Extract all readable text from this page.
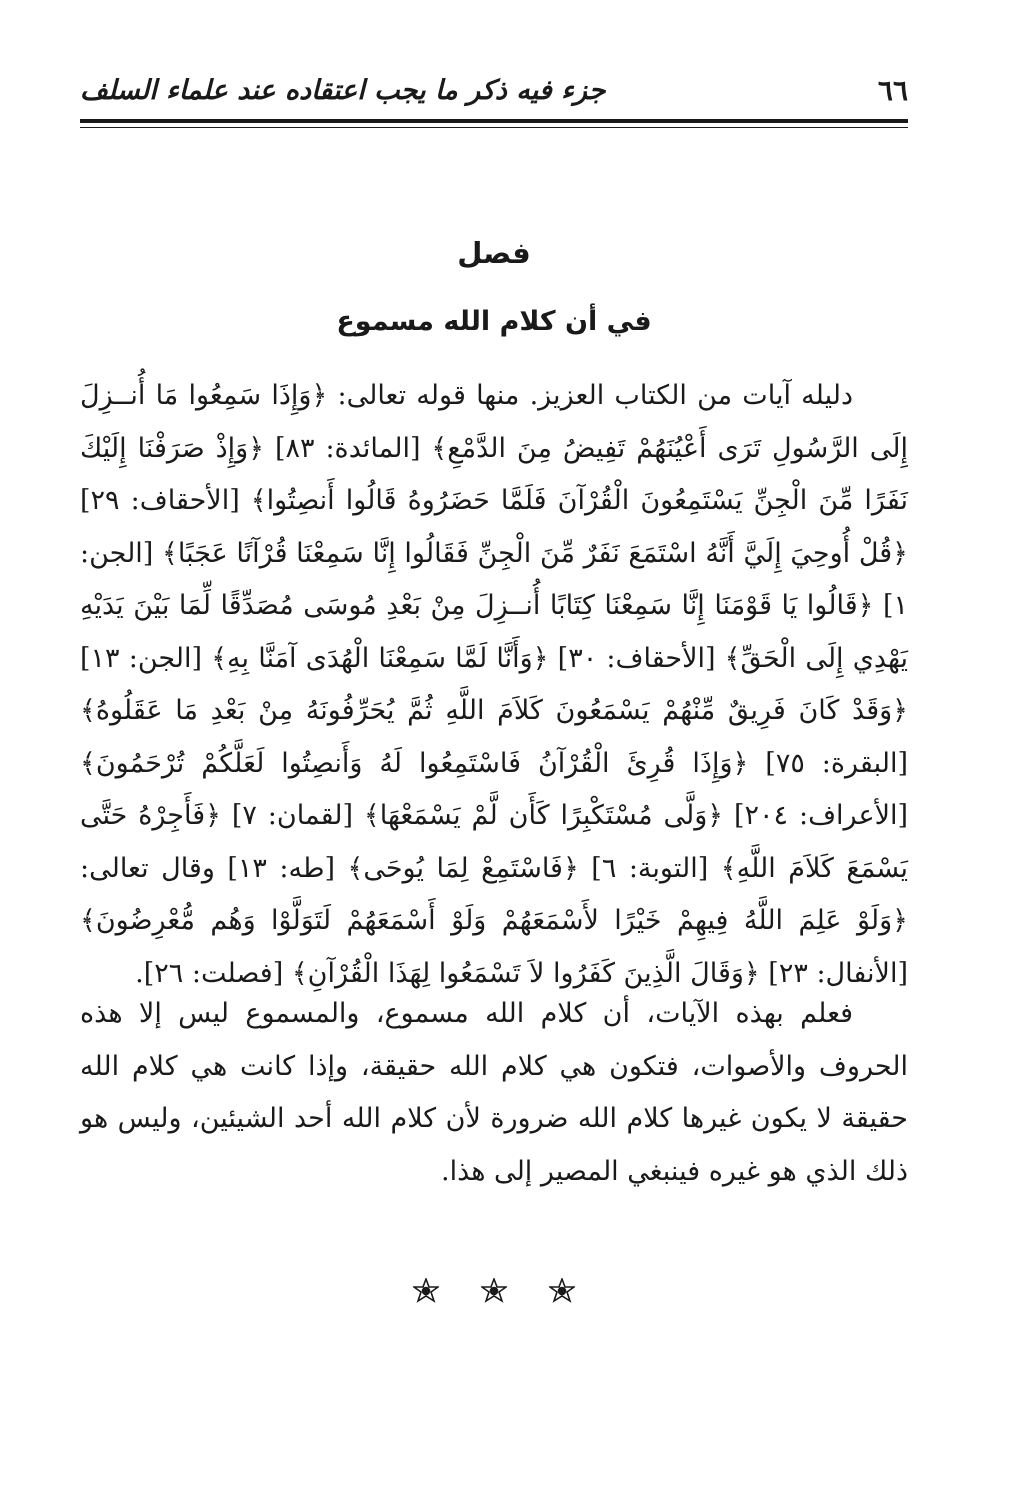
٦٦
جزء فيه ذكر ما يجب اعتقاده عند علماء السلف
فصل
في أن كلام الله مسموع

دليله آيات من الكتاب العزيز. منها قوله تعالى: ﴿وَإِذَا سَمِعُوا مَا أُنــزِلَ إِلَى الرَّسُولِ تَرَى أَعْيُنَهُمْ تَفِيضُ مِنَ الدَّمْعِ﴾ [المائدة: ٨٣] ﴿وَإِذْ صَرَفْنَا إِلَيْكَ نَفَرًا مِّنَ الْجِنِّ يَسْتَمِعُونَ الْقُرْآنَ فَلَمَّا حَضَرُوهُ قَالُوا أَنصِتُوا﴾ [الأحقاف: ٢٩] ﴿قُلْ أُوحِيَ إِلَيَّ أَنَّهُ اسْتَمَعَ نَفَرٌ مِّنَ الْجِنِّ فَقَالُوا إِنَّا سَمِعْنَا قُرْآنًا عَجَبًا﴾ [الجن: ١] ﴿قَالُوا يَا قَوْمَنَا إِنَّا سَمِعْنَا كِتَابًا أُنــزِلَ مِنْ بَعْدِ مُوسَى مُصَدِّقًا لِّمَا بَيْنَ يَدَيْهِ يَهْدِي إِلَى الْحَقِّ﴾ [الأحقاف: ٣٠] ﴿وَأَنَّا لَمَّا سَمِعْنَا الْهُدَى آمَنَّا بِهِ﴾ [الجن: ١٣] ﴿وَقَدْ كَانَ فَرِيقٌ مِّنْهُمْ يَسْمَعُونَ كَلاَمَ اللَّهِ ثُمَّ يُحَرِّفُونَهُ مِنْ بَعْدِ مَا عَقَلُوهُ﴾ [البقرة: ٧٥] ﴿وَإِذَا قُرِئَ الْقُرْآنُ فَاسْتَمِعُوا لَهُ وَأَنصِتُوا لَعَلَّكُمْ تُرْحَمُونَ﴾ [الأعراف: ٢٠٤] ﴿وَلَّى مُسْتَكْبِرًا كَأَن لَّمْ يَسْمَعْهَا﴾ [لقمان: ٧] ﴿فَأَجِرْهُ حَتَّى يَسْمَعَ كَلاَمَ اللَّهِ﴾ [التوبة: ٦] ﴿فَاسْتَمِعْ لِمَا يُوحَى﴾ [طه: ١٣] وقال تعالى: ﴿وَلَوْ عَلِمَ اللَّهُ فِيهِمْ خَيْرًا لأَسْمَعَهُمْ وَلَوْ أَسْمَعَهُمْ لَتَوَلَّوْا وَهُم مُّعْرِضُونَ﴾ [الأنفال: ٢٣] ﴿وَقَالَ الَّذِينَ كَفَرُوا لاَ تَسْمَعُوا لِهَذَا الْقُرْآنِ﴾ [فصلت: ٢٦].

فعلم بهذه الآيات، أن كلام الله مسموع، والمسموع ليس إلا هذه الحروف والأصوات، فتكون هي كلام الله حقيقة، وإذا كانت هي كلام الله حقيقة لا يكون غيرها كلام الله ضرورة لأن كلام الله أحد الشيئين، وليس هو ذلك الذي هو غيره فينبغي المصير إلى هذا.
